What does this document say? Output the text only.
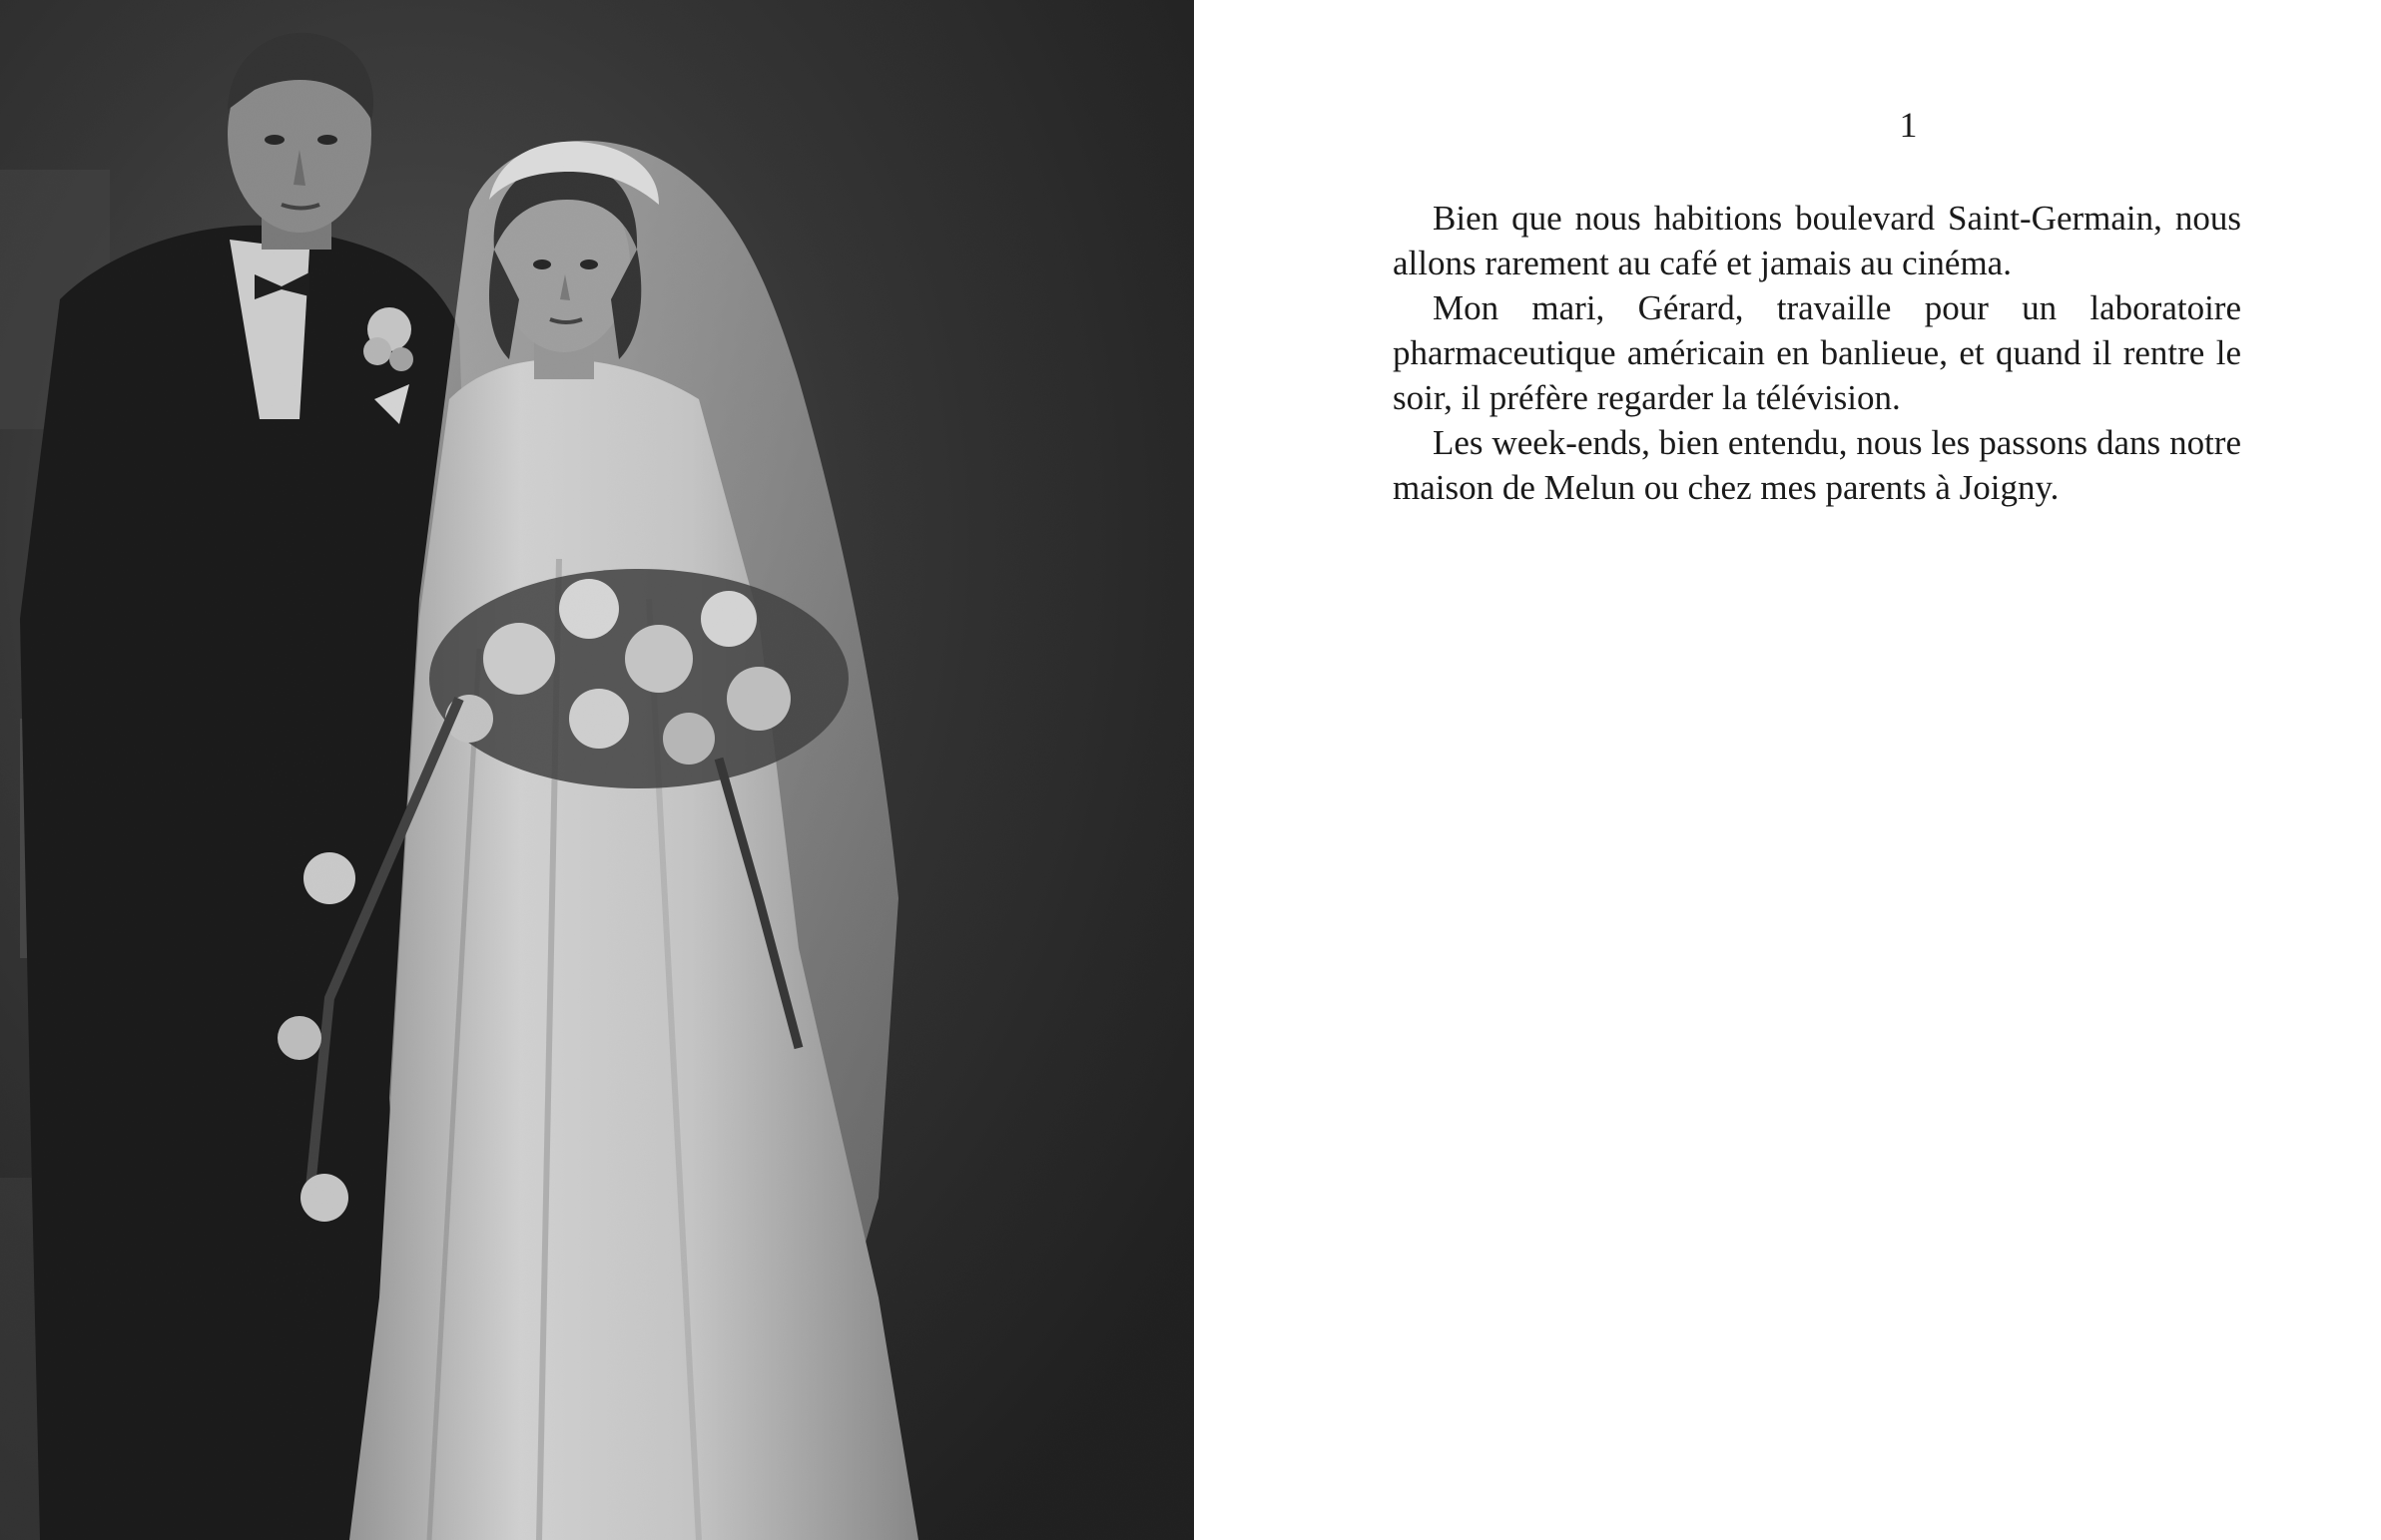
1

Bien que nous habitions boulevard Saint-Germain, nous allons rarement au café et jamais au cinéma.

Mon mari, Gérard, travaille pour un laboratoire pharmaceutique américain en banlieue, et quand il rentre le soir, il préfère regarder la télévision.

Les week-ends, bien entendu, nous les passons dans notre maison de Melun ou chez mes parents à Joigny.
